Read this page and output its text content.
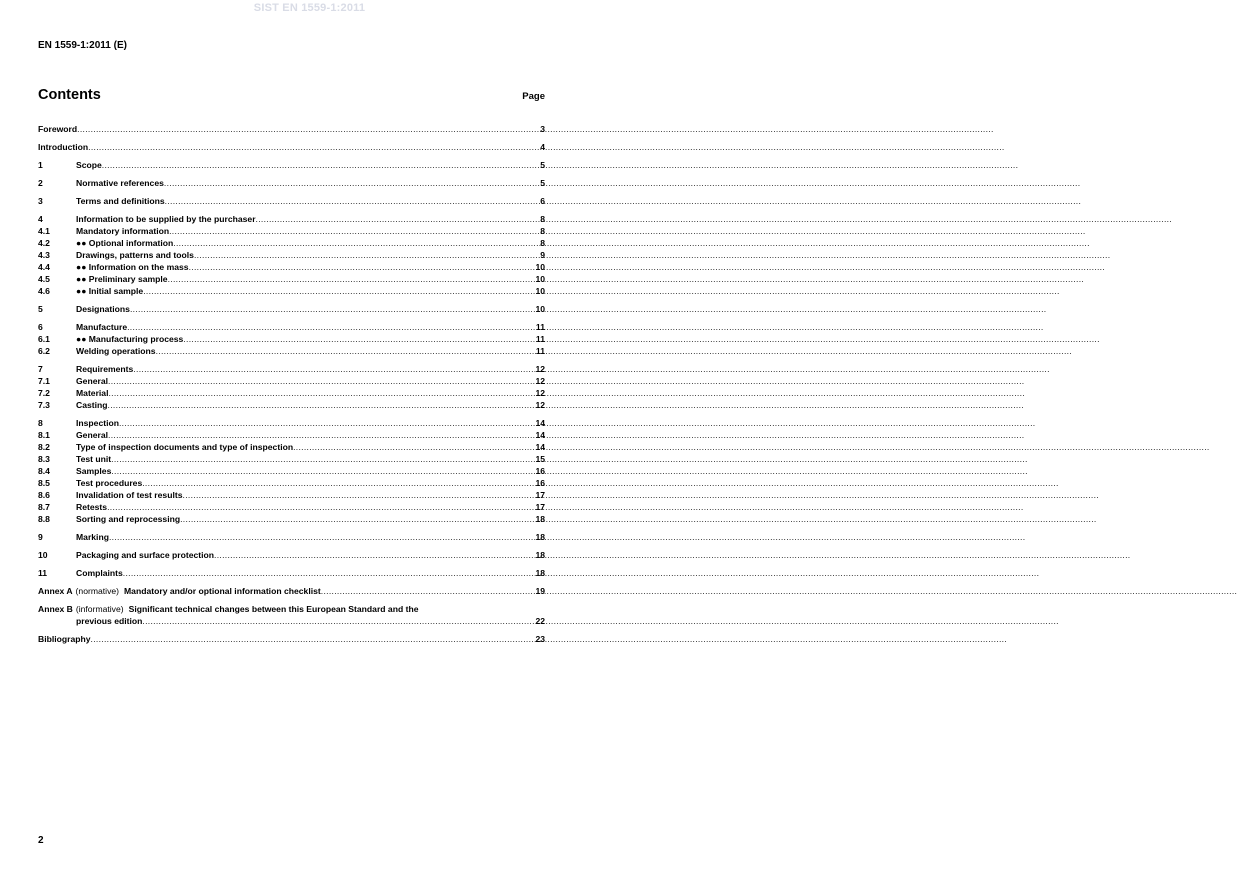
SIST EN 1559-1:2011
EN 1559-1:2011 (E)
Contents	Page
Foreword .....	3
Introduction .....	4
1	Scope .....	5
2	Normative references .....	5
3	Terms and definitions .....	6
4	Information to be supplied by the purchaser .....	8
4.1	Mandatory information .....	8
4.2	●● Optional information .....	8
4.3	Drawings, patterns and tools .....	9
4.4	●● Information on the mass .....	10
4.5	●● Preliminary sample .....	10
4.6	●● Initial sample .....	10
5	Designations .....	10
6	Manufacture .....	11
6.1	●● Manufacturing process .....	11
6.2	Welding operations .....	11
7	Requirements .....	12
7.1	General .....	12
7.2	Material .....	12
7.3	Casting .....	12
8	Inspection .....	14
8.1	General .....	14
8.2	Type of inspection documents and type of inspection .....	14
8.3	Test unit .....	15
8.4	Samples .....	16
8.5	Test procedures .....	16
8.6	Invalidation of test results .....	17
8.7	Retests .....	17
8.8	Sorting and reprocessing .....	18
9	Marking .....	18
10	Packaging and surface protection .....	18
11	Complaints .....	18
Annex A (normative) Mandatory and/or optional information checklist .....	19
Annex B (informative) Significant technical changes between this European Standard and the
previous edition .....	22
Bibliography .....	23
2
